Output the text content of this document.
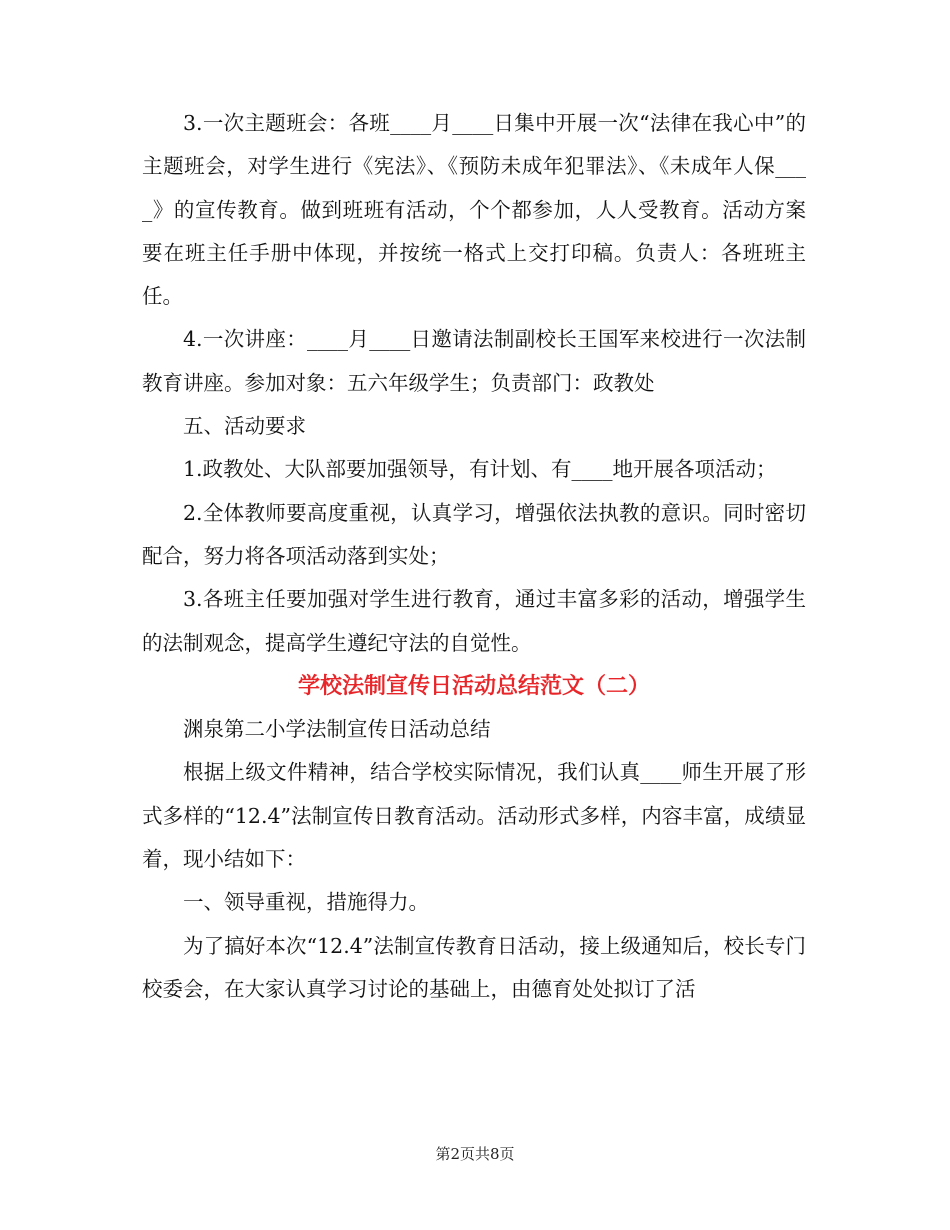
3.一次主题班会：各班____月____日集中开展一次“法律在我心中”的主题班会，对学生进行《宪法》、《预防未成年犯罪法》、《未成年人保____》的宣传教育。做到班班有活动，个个都参加，人人受教育。活动方案要在班主任手册中体现，并按统一格式上交打印稿。负责人：各班班主任。

4.一次讲座：____月____日邀请法制副校长王国军来校进行一次法制教育讲座。参加对象：五六年级学生；负责部门：政教处

五、活动要求

1.政教处、大队部要加强领导，有计划、有____地开展各项活动；

2.全体教师要高度重视，认真学习，增强依法执教的意识。同时密切配合，努力将各项活动落到实处；

3.各班主任要加强对学生进行教育，通过丰富多彩的活动，增强学生的法制观念，提高学生遵纪守法的自觉性。

学校法制宣传日活动总结范文（二）

渊泉第二小学法制宣传日活动总结

根据上级文件精神，结合学校实际情况，我们认真____师生开展了形式多样的“12.4”法制宣传日教育活动。活动形式多样，内容丰富，成绩显着，现小结如下：

一、领导重视，措施得力。

为了搞好本次“12.4”法制宣传教育日活动，接上级通知后，校长专门校委会，在大家认真学习讨论的基础上，由德育处处拟订了活

第2页共8页
